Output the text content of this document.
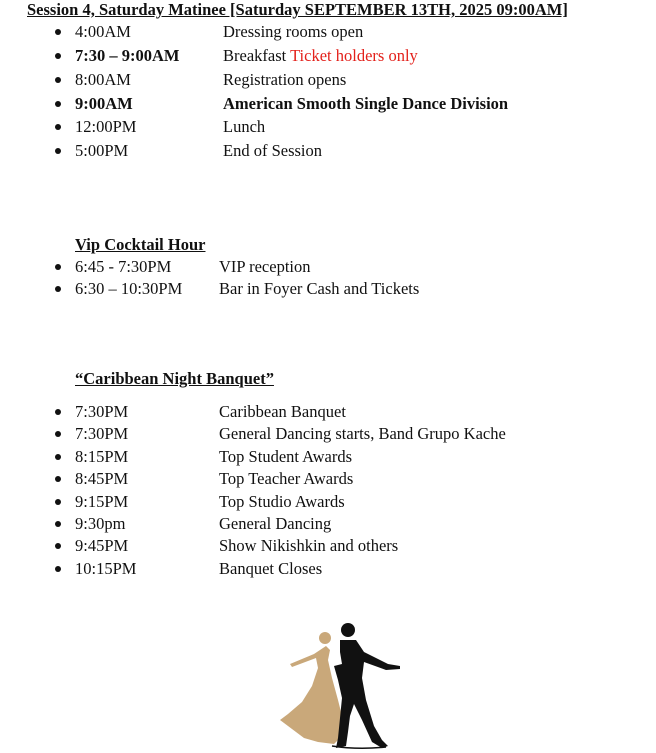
Session 4, Saturday Matinee [Saturday SEPTEMBER 13TH, 2025 09:00AM]
4:00AM	Dressing rooms open
7:30 – 9:00AM	Breakfast Ticket holders only
8:00AM	Registration opens
9:00AM	American Smooth Single Dance Division
12:00PM	Lunch
5:00PM	End of Session
Vip Cocktail Hour
6:45 - 7:30PM	VIP reception
6:30 – 10:30PM Bar in Foyer Cash and Tickets
“Caribbean Night Banquet”
7:30PM	Caribbean Banquet
7:30PM	General Dancing starts, Band Grupo Kache
8:15PM	Top Student Awards
8:45PM	Top Teacher Awards
9:15PM	Top Studio Awards
9:30pm	General Dancing
9:45PM	Show Nikishkin and others
10:15PM	Banquet Closes
